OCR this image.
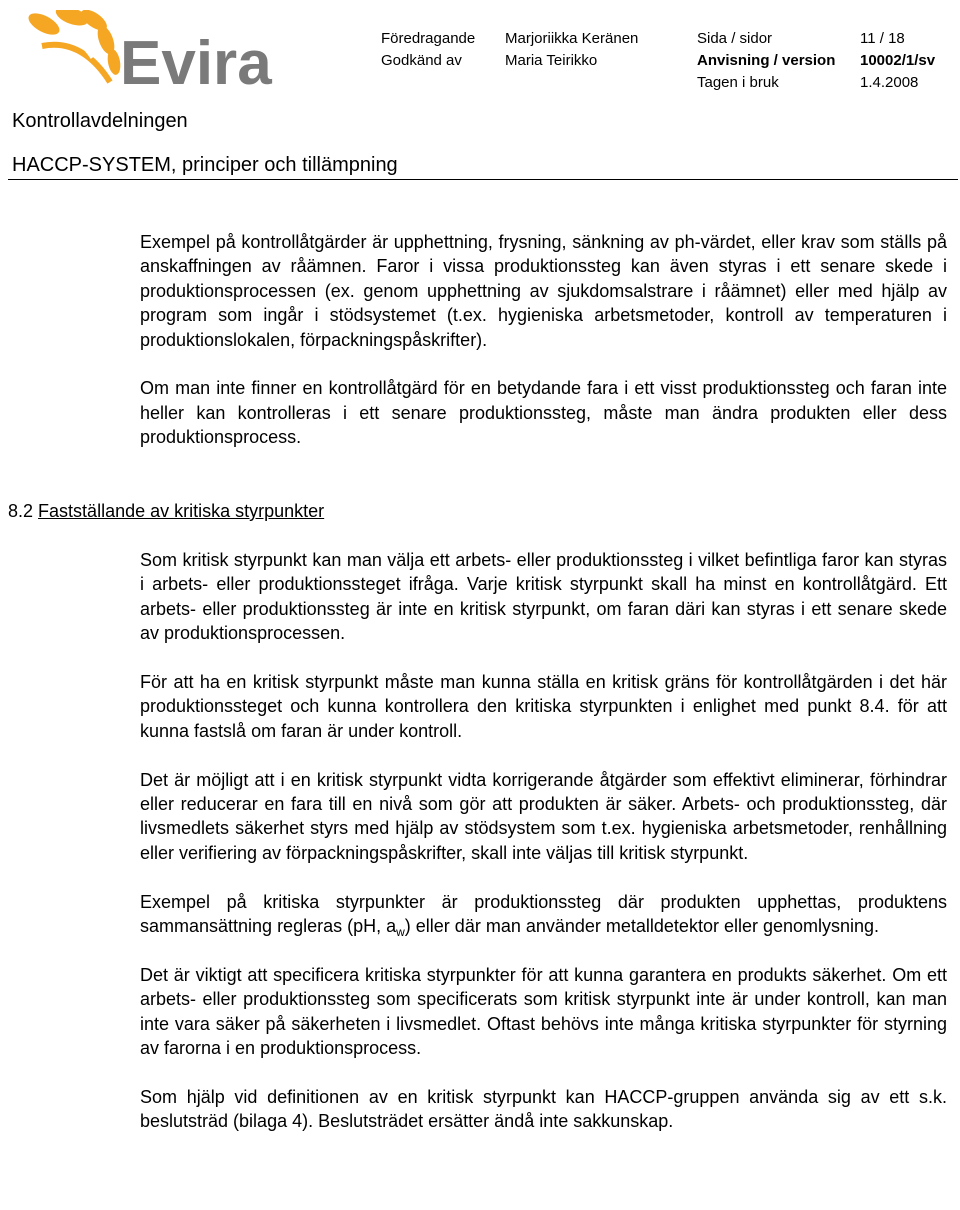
Evira	Föredragande
Godkänd av
Marjoriikka Keränen
Maria Teirikko
Sida / sidor
Anvisning / version
Tagen i bruk
11 / 18
10002/1/sv
1.4.2008
Kontrollavdelningen
HACCP-SYSTEM, principer och tillämpning

Exempel på kontrollåtgärder är upphettning, frysning, sänkning av ph-värdet, eller krav som ställs på anskaffningen av råämnen. Faror i vissa produktionssteg kan även styras i ett senare skede i produktionsprocessen (ex. genom upphettning av sjukdomsalstrare i råämnet) eller med hjälp av program som ingår i stödsystemet (t.ex. hygieniska arbetsmetoder, kontroll av temperaturen i produktionslokalen, förpackningspåskrifter).

Om man inte finner en kontrollåtgärd för en betydande fara i ett visst produktionssteg och faran inte heller kan kontrolleras i ett senare produktionssteg, måste man ändra produkten eller dess produktionsprocess.

8.2 Fastställande av kritiska styrpunkter

Som kritisk styrpunkt kan man välja ett arbets- eller produktionssteg i vilket befintliga faror kan styras i arbets- eller produktionssteget ifråga. Varje kritisk styrpunkt skall ha minst en kontrollåtgärd. Ett arbets- eller produktionssteg är inte en kritisk styrpunkt, om faran däri kan styras i ett senare skede av produktionsprocessen.

För att ha en kritisk styrpunkt måste man kunna ställa en kritisk gräns för kontrollåtgärden i det här produktionssteget och kunna kontrollera den kritiska styrpunkten i enlighet med punkt 8.4. för att kunna fastslå om faran är under kontroll.

Det är möjligt att i en kritisk styrpunkt vidta korrigerande åtgärder som effektivt eliminerar, förhindrar eller reducerar en fara till en nivå som gör att produkten är säker. Arbets- och produktionssteg, där livsmedlets säkerhet styrs med hjälp av stödsystem som t.ex. hygieniska arbetsmetoder, renhållning eller verifiering av förpackningspåskrifter, skall inte väljas till kritisk styrpunkt.

Exempel på kritiska styrpunkter är produktionssteg där produkten upphettas, produktens sammansättning regleras (pH, $a_w$) eller där man använder metalldetektor eller genomlysning.

Det är viktigt att specificera kritiska styrpunkter för att kunna garantera en produkts säkerhet. Om ett arbets- eller produktionssteg som specificerats som kritisk styrpunkt inte är under kontroll, kan man inte vara säker på säkerheten i livsmedlet. Oftast behövs inte många kritiska styrpunkter för styrning av farorna i en produktionsprocess.

Som hjälp vid definitionen av en kritisk styrpunkt kan HACCP-gruppen använda sig av ett s.k. beslutsträd (bilaga 4). Beslutsträdet ersätter ändå inte sakkunskap.
